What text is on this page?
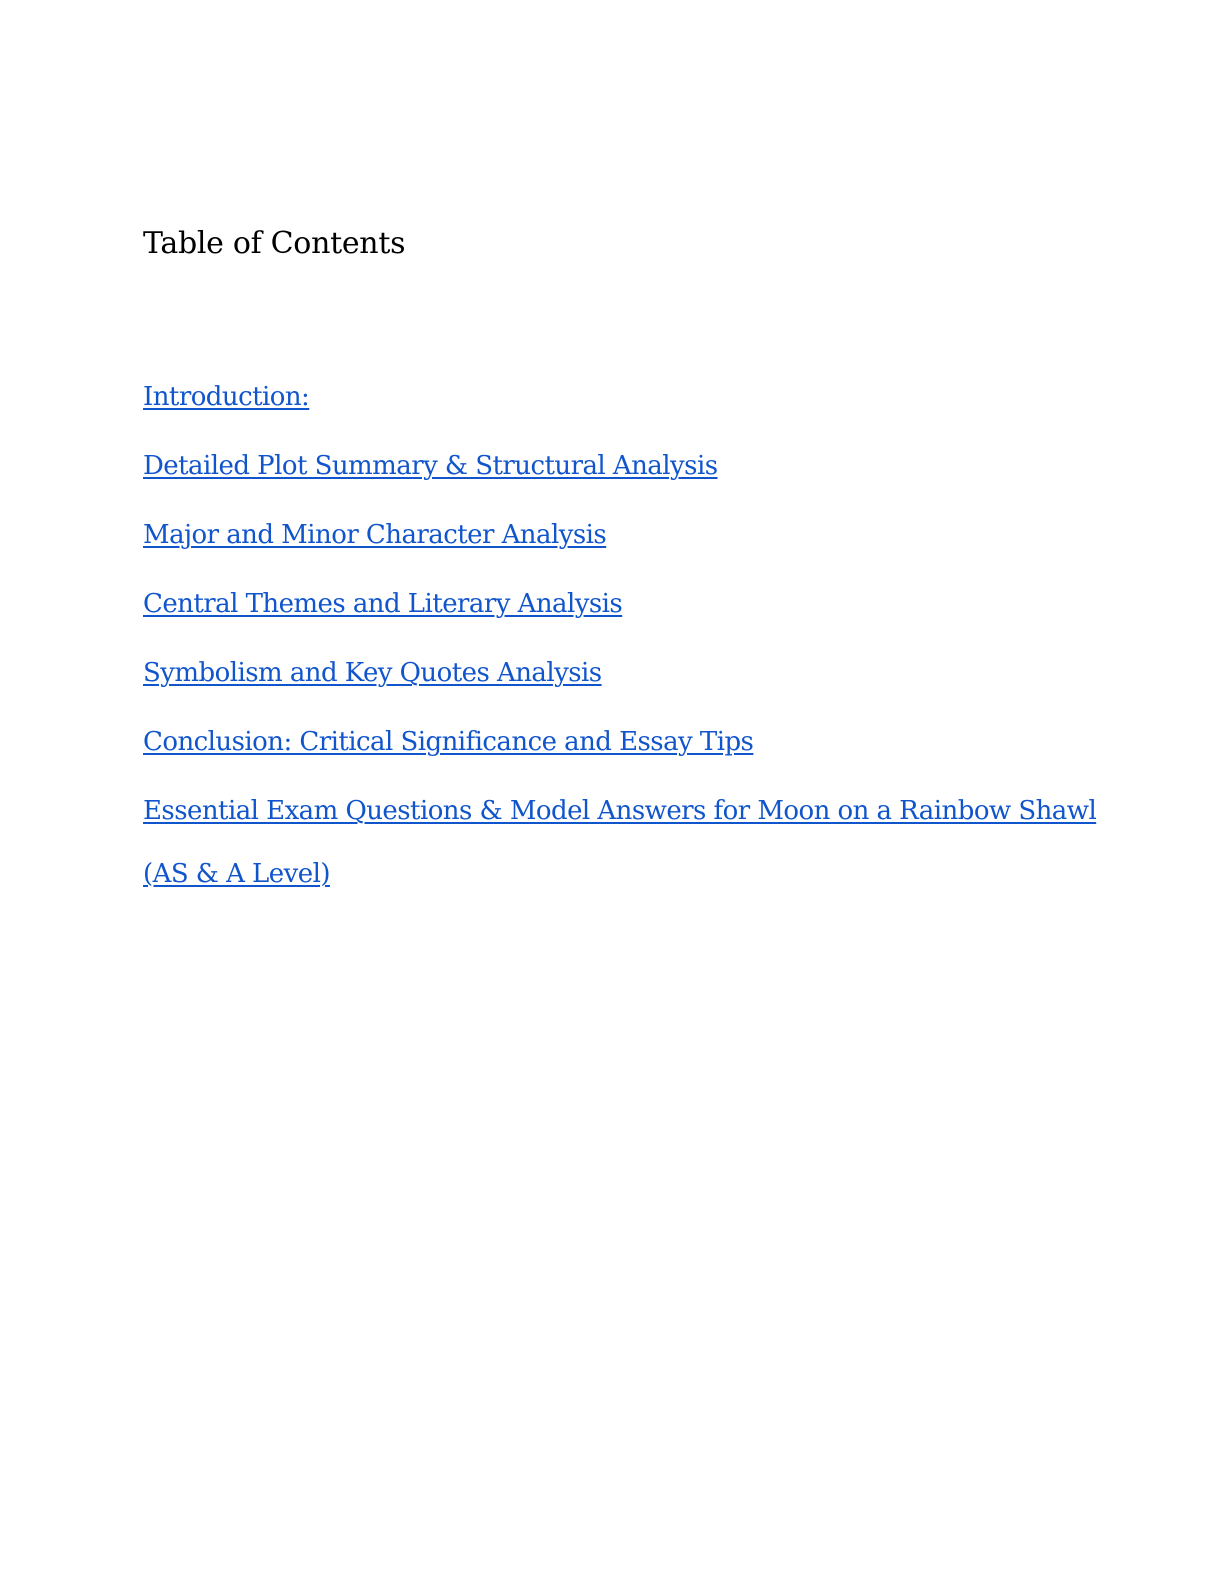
Table of Contents
Introduction:
Detailed Plot Summary & Structural Analysis
Major and Minor Character Analysis
Central Themes and Literary Analysis
Symbolism and Key Quotes Analysis
Conclusion: Critical Significance and Essay Tips
Essential Exam Questions & Model Answers for Moon on a Rainbow Shawl (AS & A Level)
